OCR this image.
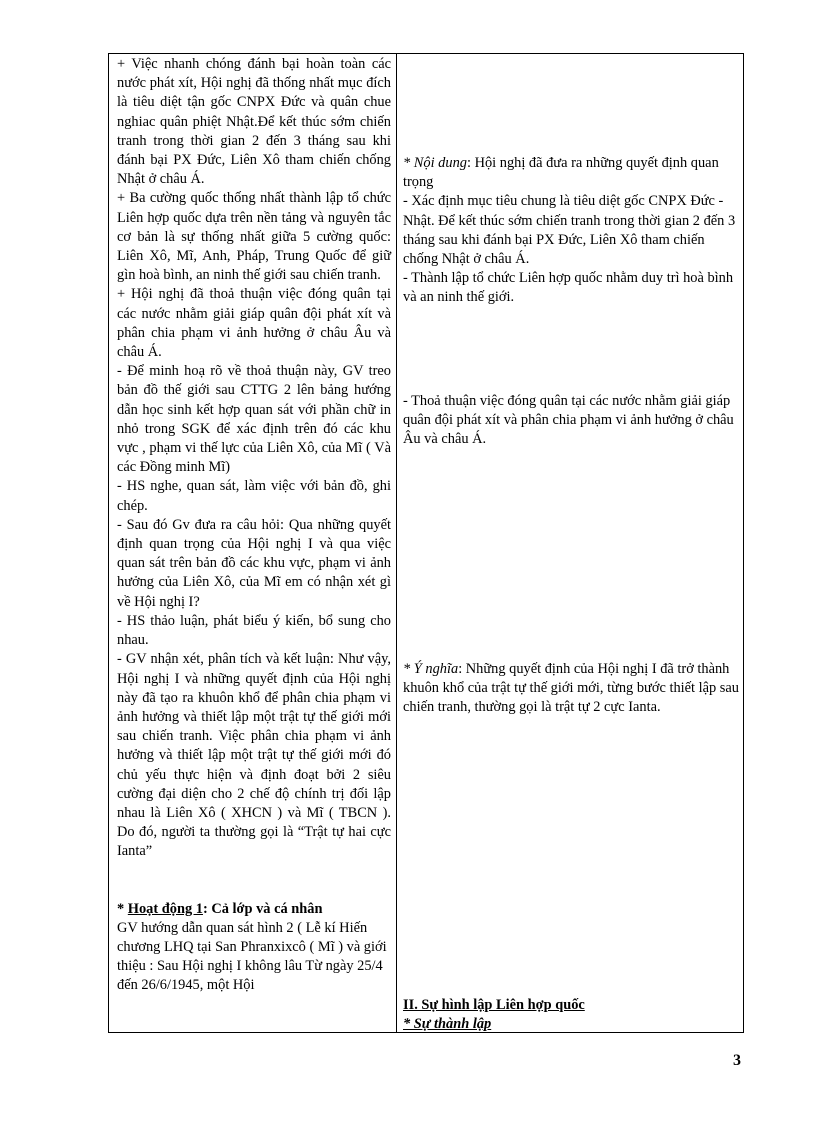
+ Việc nhanh chóng đánh bại hoàn toàn các nước phát xít, Hội nghị đã thống nhất mục đích là tiêu diệt tận gốc CNPX Đức và quân chue nghiac quân phiệt Nhật.Để kết thúc sớm chiến tranh trong thời gian 2 đến 3 tháng sau khi đánh bại PX Đức, Liên Xô tham chiến chống Nhật ở châu Á.

+ Ba cường quốc thống nhất thành lập tổ chức Liên hợp quốc dựa trên nền tảng và nguyên tắc cơ bản là sự thống nhất giữa 5 cường quốc: Liên Xô, Mĩ, Anh, Pháp, Trung Quốc để giữ gìn hoà bình, an ninh thế giới sau chiến tranh.

+ Hội nghị đã thoả thuận việc đóng quân tại các nước nhằm giải giáp quân đội phát xít và phân chia phạm vi ảnh hưởng ở châu Âu và châu Á.

- Để minh hoạ rõ về thoả thuận này, GV treo bản đồ thế giới sau CTTG 2 lên bảng hướng dẫn học sinh kết hợp quan sát với phần chữ in nhỏ trong SGK để xác định trên đó các khu vực , phạm vi thế lực của Liên Xô, của Mĩ ( Và các Đồng minh Mĩ)

- HS nghe, quan sát, làm việc với bản đồ, ghi chép.

- Sau đó Gv đưa ra câu hỏi: Qua những quyết định quan trọng của Hội nghị I và qua việc quan sát trên bản đồ các khu vực, phạm vi ảnh hưởng của Liên Xô, của Mĩ em có nhận xét gì về Hội nghị I?

- HS thảo luận, phát biểu ý kiến, bổ sung cho nhau.

- GV nhận xét, phân tích và kết luận: Như vậy, Hội nghị I và những quyết định của Hội nghị này đã tạo ra khuôn khổ để phân chia phạm vi ảnh hưởng và thiết lập một trật tự thế giới mới sau chiến tranh. Việc phân chia phạm vi ảnh hưởng và thiết lập một trật tự thế giới mới đó chủ yếu thực hiện và định đoạt bởi 2 siêu cường đại diện cho 2 chế độ chính trị đối lập nhau là Liên Xô ( XHCN ) và Mĩ ( TBCN ). Do đó, người ta thường gọi là “Trật tự hai cực Ianta”

* Hoạt động 1: Cả lớp và cá nhân

GV hướng dẫn quan sát hình 2 ( Lễ kí Hiến chương LHQ tại San Phranxixcô ( Mĩ ) và giới thiệu : Sau Hội nghị I không lâu Từ ngày 25/4 đến 26/6/1945, một Hội

* Nội dung: Hội nghị đã đưa ra những quyết định quan trọng

- Xác định mục tiêu chung là tiêu diệt gốc CNPX Đức - Nhật. Để kết thúc sớm chiến tranh trong thời gian 2 đến 3 tháng sau khi đánh bại PX Đức, Liên Xô tham chiến chống Nhật ở châu Á.

- Thành lập tổ chức Liên hợp quốc nhằm duy trì hoà bình và an ninh thế giới.

- Thoả thuận việc đóng quân tại các nước nhằm giải giáp quân đội phát xít và phân chia phạm vi ảnh hưởng ở châu Âu và châu Á.

* Ý nghĩa: Những quyết định của Hội nghị I đã trở thành khuôn khổ của trật tự thế giới mới, từng bước thiết lập sau chiến tranh, thường gọi là trật tự 2 cực Ianta.

II. Sự hình lập Liên hợp quốc

* Sự thành lập

3
